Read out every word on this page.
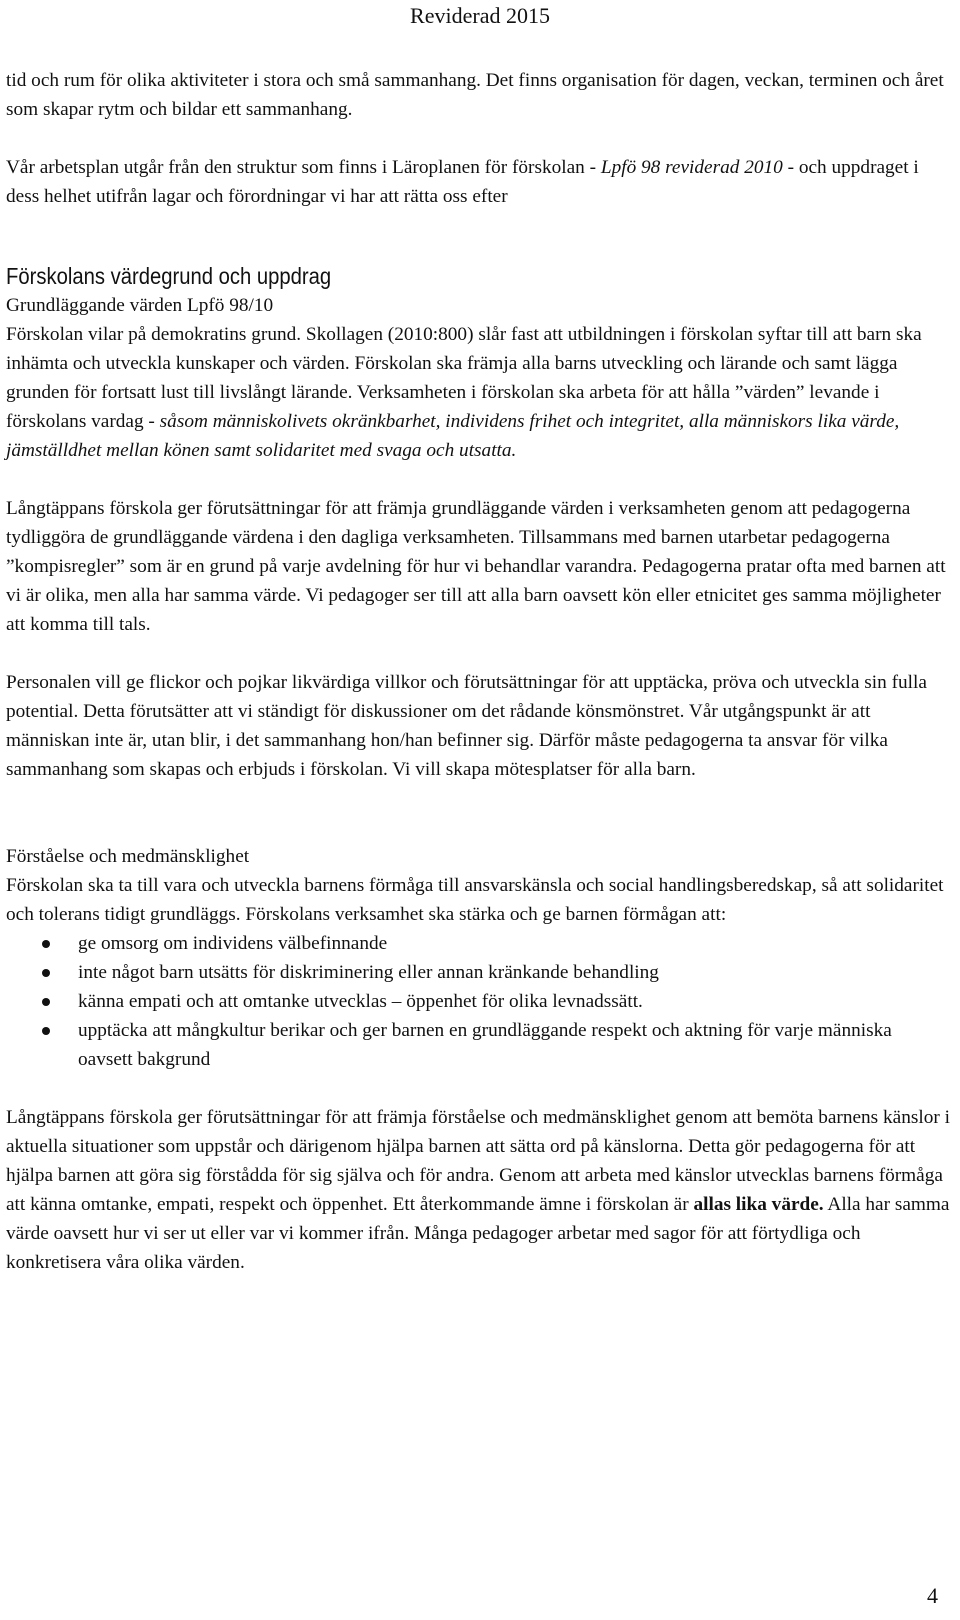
Reviderad 2015

tid och rum för olika aktiviteter i stora och små sammanhang. Det finns organisation för dagen, veckan, terminen och året som skapar rytm och bildar ett sammanhang.

Vår arbetsplan utgår från den struktur som finns i Läroplanen för förskolan - Lpfö 98 reviderad 2010 - och uppdraget i dess helhet utifrån lagar och förordningar vi har att rätta oss efter

Förskolans värdegrund och uppdrag

Grundläggande värden Lpfö 98/10

Förskolan vilar på demokratins grund. Skollagen (2010:800) slår fast att utbildningen i förskolan syftar till att barn ska inhämta och utveckla kunskaper och värden. Förskolan ska främja alla barns utveckling och lärande och samt lägga grunden för fortsatt lust till livslångt lärande. Verksamheten i förskolan ska arbeta för att hålla ”värden” levande i förskolans vardag - såsom människolivets okränkbarhet, individens frihet och integritet, alla människors lika värde, jämställdhet mellan könen samt solidaritet med svaga och utsatta.

Långtäppans förskola ger förutsättningar för att främja grundläggande värden i verksamheten genom att pedagogerna tydliggöra de grundläggande värdena i den dagliga verksamheten. Tillsammans med barnen utarbetar pedagogerna ”kompisregler” som är en grund på varje avdelning för hur vi behandlar varandra. Pedagogerna pratar ofta med barnen att vi är olika, men alla har samma värde. Vi pedagoger ser till att alla barn oavsett kön eller etnicitet ges samma möjligheter att komma till tals.

Personalen vill ge flickor och pojkar likvärdiga villkor och förutsättningar för att upptäcka, pröva och utveckla sin fulla potential. Detta förutsätter att vi ständigt för diskussioner om det rådande könsmönstret. Vår utgångspunkt är att människan inte är, utan blir, i det sammanhang hon/han befinner sig. Därför måste pedagogerna ta ansvar för vilka sammanhang som skapas och erbjuds i förskolan. Vi vill skapa mötesplatser för alla barn.

Förståelse och medmänsklighet

Förskolan ska ta till vara och utveckla barnens förmåga till ansvarskänsla och social handlingsberedskap, så att solidaritet och tolerans tidigt grundläggs. Förskolans verksamhet ska stärka och ge barnen förmågan att:

ge omsorg om individens välbefinnande
inte något barn utsätts för diskriminering eller annan kränkande behandling
känna empati och att omtanke utvecklas – öppenhet för olika levnadssätt.
upptäcka att mångkultur berikar och ger barnen en grundläggande respekt och aktning för varje människa oavsett bakgrund

Långtäppans förskola ger förutsättningar för att främja förståelse och medmänsklighet genom att bemöta barnens känslor i aktuella situationer som uppstår och därigenom hjälpa barnen att sätta ord på känslorna. Detta gör pedagogerna för att hjälpa barnen att göra sig förstådda för sig själva och för andra. Genom att arbeta med känslor utvecklas barnens förmåga att känna omtanke, empati, respekt och öppenhet. Ett återkommande ämne i förskolan är allas lika värde. Alla har samma värde oavsett hur vi ser ut eller var vi kommer ifrån. Många pedagoger arbetar med sagor för att förtydliga och konkretisera våra olika värden.

4
